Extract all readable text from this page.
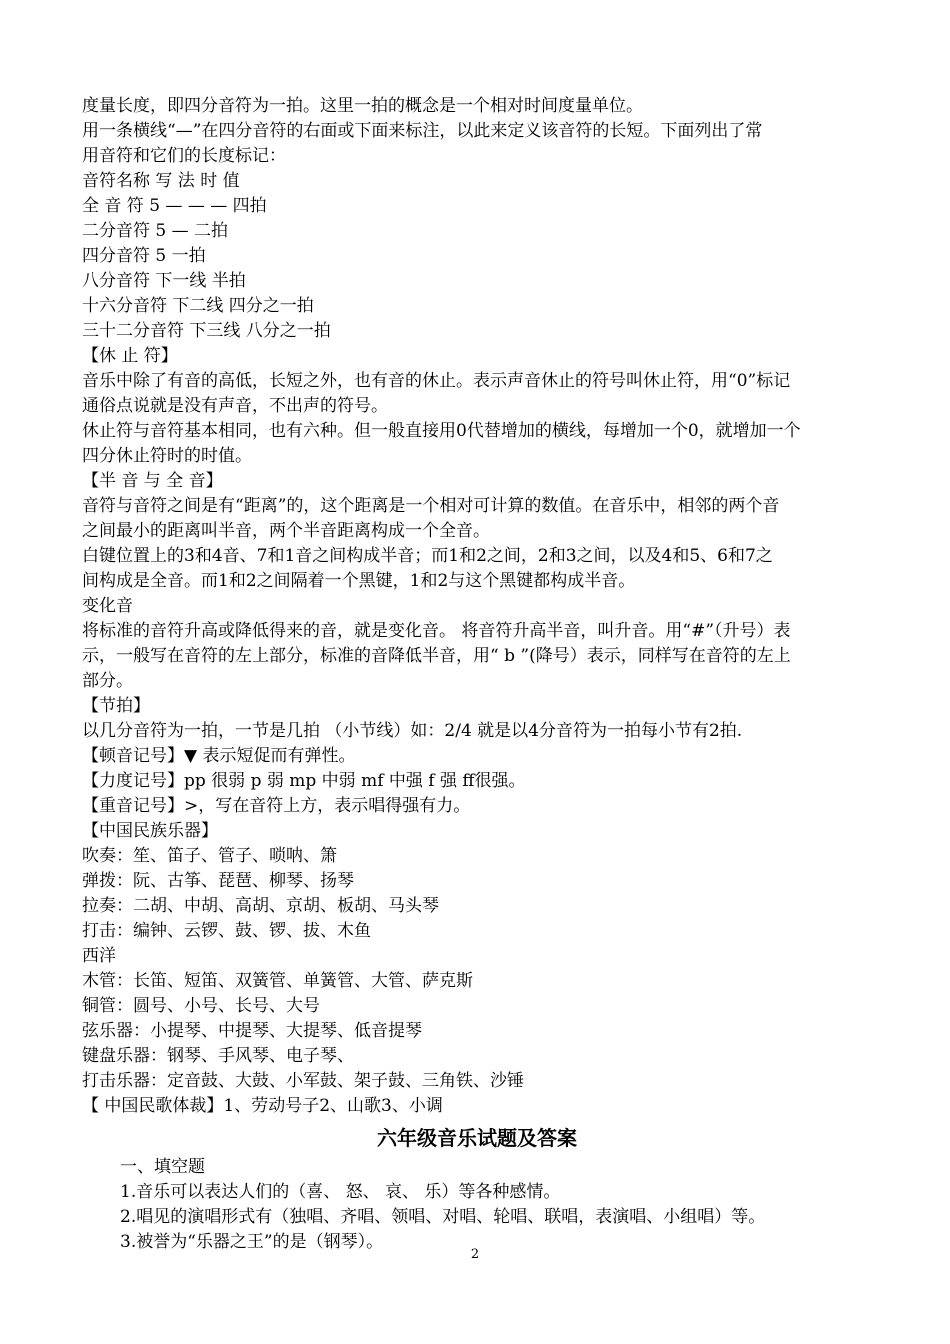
度量长度，即四分音符为一拍。这里一拍的概念是一个相对时间度量单位。
用一条横线“—”在四分音符的右面或下面来标注，以此来定义该音符的长短。下面列出了常
用音符和它们的长度标记：
音符名称 写 法 时 值
全 音 符 5 — — — 四拍
二分音符 5 — 二拍
四分音符 5 一拍
八分音符 下一线 半拍
十六分音符 下二线 四分之一拍
三十二分音符 下三线 八分之一拍
【休 止 符】
音乐中除了有音的高低，长短之外，也有音的休止。表示声音休止的符号叫休止符，用“0”标记
通俗点说就是没有声音，不出声的符号。
休止符与音符基本相同，也有六种。但一般直接用0代替增加的横线，每增加一个0，就增加一个
四分休止符时的时值。
【半 音 与 全 音】
音符与音符之间是有“距离”的，这个距离是一个相对可计算的数值。在音乐中，相邻的两个音
之间最小的距离叫半音，两个半音距离构成一个全音。
白键位置上的3和4音、7和1音之间构成半音；而1和2之间，2和3之间，以及4和5、6和7之
间构成是全音。而1和2之间隔着一个黑键，1和2与这个黑键都构成半音。
变化音
将标准的音符升高或降低得来的音，就是变化音。 将音符升高半音，叫升音。用“#”（升号）表
示，一般写在音符的左上部分，标准的音降低半音，用“ b ”(降号）表示，同样写在音符的左上
部分。
【节拍】
以几分音符为一拍，一节是几拍 （小节线）如：2/4 就是以4分音符为一拍每小节有2拍.
【顿音记号】▼ 表示短促而有弹性。
【力度记号】pp 很弱 p 弱 mp 中弱 mf 中强 f 强 ff很强。
【重音记号】>，写在音符上方，表示唱得强有力。
【中国民族乐器】
吹奏：笙、笛子、管子、唢呐、箫
弹拨：阮、古筝、琵琶、柳琴、扬琴
拉奏：二胡、中胡、高胡、京胡、板胡、马头琴
打击：编钟、云锣、鼓、锣、拔、木鱼
西洋
木管：长笛、短笛、双簧管、单簧管、大管、萨克斯
铜管：圆号、小号、长号、大号
弦乐器：小提琴、中提琴、大提琴、低音提琴
键盘乐器：钢琴、手风琴、电子琴、
打击乐器：定音鼓、大鼓、小军鼓、架子鼓、三角铁、沙锤
【 中国民歌体裁】1、劳动号子2、山歌3、小调
六年级音乐试题及答案
一、填空题
1.音乐可以表达人们的（喜、 怒、 哀、 乐）等各种感情。
2.唱见的演唱形式有（独唱、齐唱、领唱、对唱、轮唱、联唱，表演唱、小组唱）等。
3.被誉为“乐器之王”的是（钢琴）。
2
